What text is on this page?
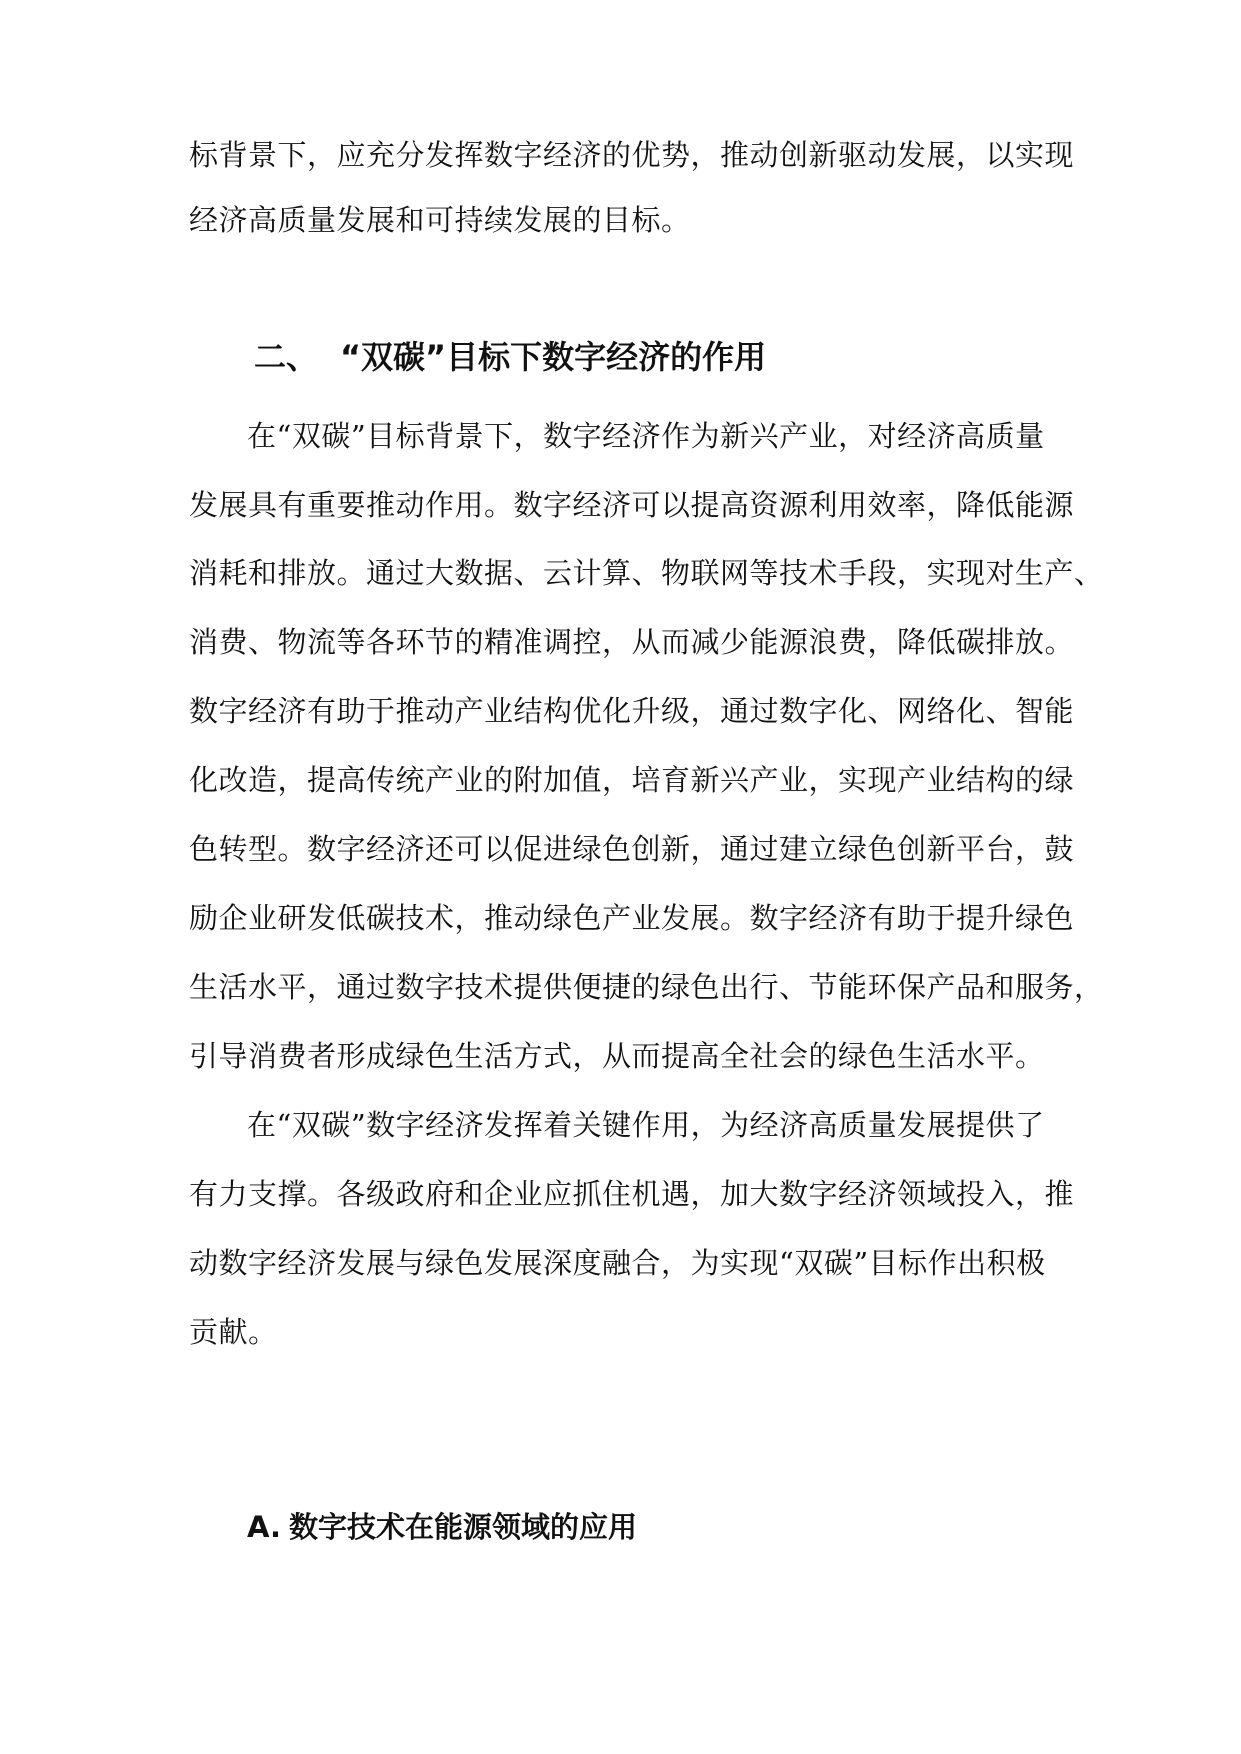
标背景下，应充分发挥数字经济的优势，推动创新驱动发展，以实现
经济高质量发展和可持续发展的目标。
二、 “双碳”目标下数字经济的作用
在“双碳”目标背景下，数字经济作为新兴产业，对经济高质量
发展具有重要推动作用。数字经济可以提高资源利用效率，降低能源
消耗和排放。通过大数据、云计算、物联网等技术手段，实现对生产、
消费、物流等各环节的精准调控，从而减少能源浪费，降低碳排放。
数字经济有助于推动产业结构优化升级，通过数字化、网络化、智能
化改造，提高传统产业的附加值，培育新兴产业，实现产业结构的绿
色转型。数字经济还可以促进绿色创新，通过建立绿色创新平台，鼓
励企业研发低碳技术，推动绿色产业发展。数字经济有助于提升绿色
生活水平，通过数字技术提供便捷的绿色出行、节能环保产品和服务，
引导消费者形成绿色生活方式，从而提高全社会的绿色生活水平。
在“双碳”数字经济发挥着关键作用，为经济高质量发展提供了
有力支撑。各级政府和企业应抓住机遇，加大数字经济领域投入，推
动数字经济发展与绿色发展深度融合，为实现“双碳”目标作出积极
贡献。
A. 数字技术在能源领域的应用
